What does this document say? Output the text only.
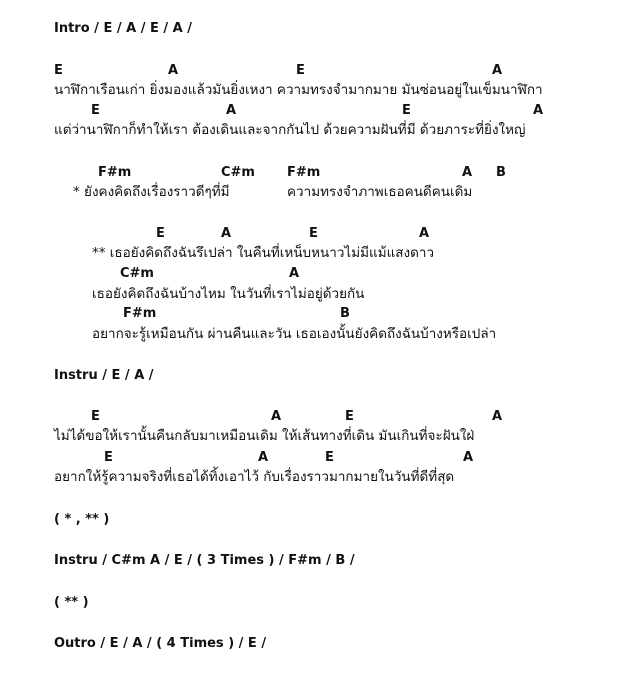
Intro / E / A / E / A /
E	A	E	A
นาฬิกาเรือนเก่า ยิ่งมองแล้วมันยิ่งเหงา ความทรงจำมากมาย มันซ่อนอยู่ในเข็มนาฬิกา
E	A	E	A
แต่ว่านาฬิกาก็ทำให้เรา ต้องเดินและจากกันไป ด้วยความฝันที่มี ด้วยภาระที่ยิ่งใหญ่
F#m	C#m F#m	A B
* ยังคงคิดถึงเรื่องราวดีๆที่มี	ความทรงจำภาพเธอคนดีคนเดิม
E	A	E	A
** เธอยังคิดถึงฉันรึเปล่า ในคืนที่เหน็บหนาวไม่มีแม้แสงดาว
C#m	A
เธอยังคิดถึงฉันบ้างไหม ในวันที่เราไม่อยู่ด้วยกัน
F#m	B
อยากจะรู้เหมือนกัน ผ่านคืนและวัน เธอเองนั้นยังคิดถึงฉันบ้างหรือเปล่า
Instru / E / A /
E	A	E	A
ไม่ได้ขอให้เรานั้นคืนกลับมาเหมือนเดิม ให้เส้นทางที่เดิน มันเกินที่จะฝันใฝ่
E	A	E	A
อยากให้รู้ความจริงที่เธอได้ทิ้งเอาไว้ กับเรื่องราวมากมายในวันที่ดีที่สุด
( * , ** )
Instru / C#m A / E / ( 3 Times ) / F#m / B /
( ** )
Outro / E / A / ( 4 Times ) / E /
